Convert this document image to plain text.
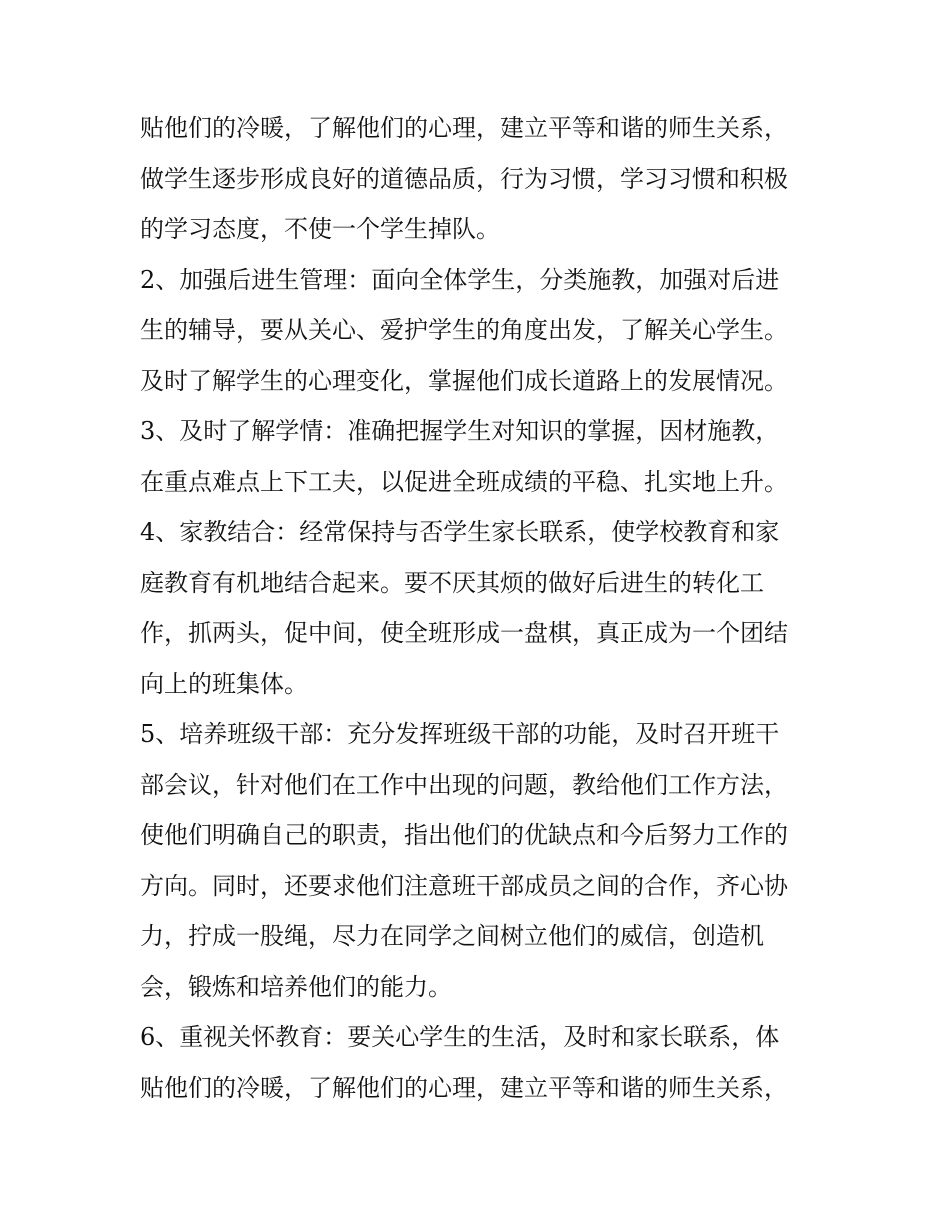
贴他们的冷暖，了解他们的心理，建立平等和谐的师生关系，
做学生逐步形成良好的道德品质，行为习惯，学习习惯和积极
的学习态度，不使一个学生掉队。
2、加强后进生管理：面向全体学生，分类施教，加强对后进
生的辅导，要从关心、爱护学生的角度出发，了解关心学生。
及时了解学生的心理变化，掌握他们成长道路上的发展情况。
3、及时了解学情：准确把握学生对知识的掌握，因材施教，
在重点难点上下工夫，以促进全班成绩的平稳、扎实地上升。
4、家教结合：经常保持与否学生家长联系，使学校教育和家
庭教育有机地结合起来。要不厌其烦的做好后进生的转化工
作，抓两头，促中间，使全班形成一盘棋，真正成为一个团结
向上的班集体。
5、培养班级干部：充分发挥班级干部的功能，及时召开班干
部会议，针对他们在工作中出现的问题，教给他们工作方法，
使他们明确自己的职责，指出他们的优缺点和今后努力工作的
方向。同时，还要求他们注意班干部成员之间的合作，齐心协
力，拧成一股绳，尽力在同学之间树立他们的威信，创造机
会，锻炼和培养他们的能力。
6、重视关怀教育：要关心学生的生活，及时和家长联系，体
贴他们的冷暖，了解他们的心理，建立平等和谐的师生关系，
